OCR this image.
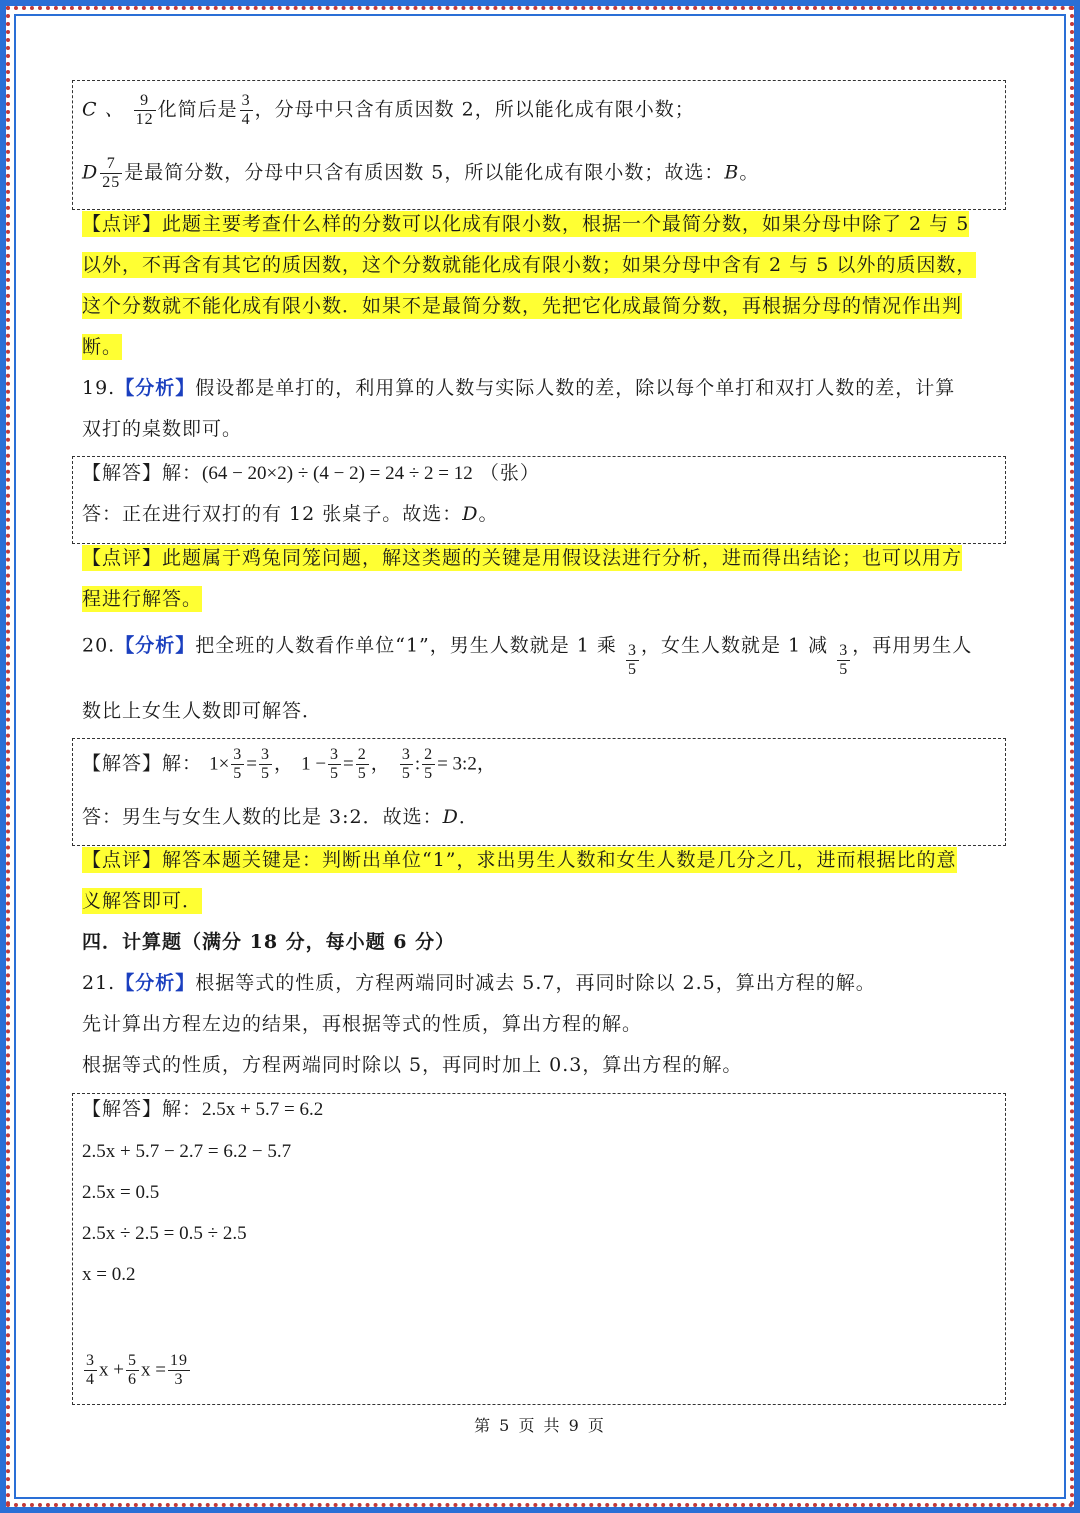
C 、 $\frac{9}{12}$ 化简后是 $\frac{3}{4}$ ，分母中只含有质因数 2，所以能化成有限小数；
D $\frac{7}{25}$ 是最简分数，分母中只含有质因数 5，所以能化成有限小数；故选：B。
【点评】此题主要考查什么样的分数可以化成有限小数，根据一个最简分数，如果分母中除了 2 与 5
以外，不再含有其它的质因数，这个分数就能化成有限小数；如果分母中含有 2 与 5 以外的质因数，
这个分数就不能化成有限小数．如果不是最简分数，先把它化成最简分数，再根据分母的情况作出判
断。
19.【分析】假设都是单打的，利用算的人数与实际人数的差，除以每个单打和双打人数的差，计算
双打的桌数即可。
【解答】解：(64 − 20×2) ÷ (4 − 2) = 24 ÷ 2 = 12 （张）
答：正在进行双打的有 12 张桌子。故选：D。
【点评】此题属于鸡兔同笼问题，解这类题的关键是用假设法进行分析，进而得出结论；也可以用方
程进行解答。
20.【分析】把全班的人数看作单位“1”，男生人数就是 1 乘 $\frac{3}{5}$ ，女生人数就是 1 减 $\frac{3}{5}$ ，再用男生人
数比上女生人数即可解答．
【解答】解： $1\times \frac{3}{5} = \frac{3}{5}$ ， $1 - \frac{3}{5} = \frac{2}{5}$ ， $\frac{3}{5}$ : $\frac{2}{5}$ = 3:2，
答：男生与女生人数的比是 3:2．故选：D．
【点评】解答本题关键是：判断出单位“1”，求出男生人数和女生人数是几分之几，进而根据比的意
义解答即可．
四．计算题（满分 18 分，每小题 6 分）
21.【分析】根据等式的性质，方程两端同时减去 5.7，再同时除以 2.5，算出方程的解。
先计算出方程左边的结果，再根据等式的性质，算出方程的解。
根据等式的性质，方程两端同时除以 5，再同时加上 0.3，算出方程的解。
【解答】解：2.5x + 5.7 = 6.2
2.5x + 5.7 − 2.7 = 6.2 − 5.7
2.5x = 0.5
2.5x ÷ 2.5 = 0.5 ÷ 2.5
x = 0.2
$\frac{3}{4}$ $x + \frac{5}{6}$ $x = \frac{19}{3}$
第 5 页 共 9 页
